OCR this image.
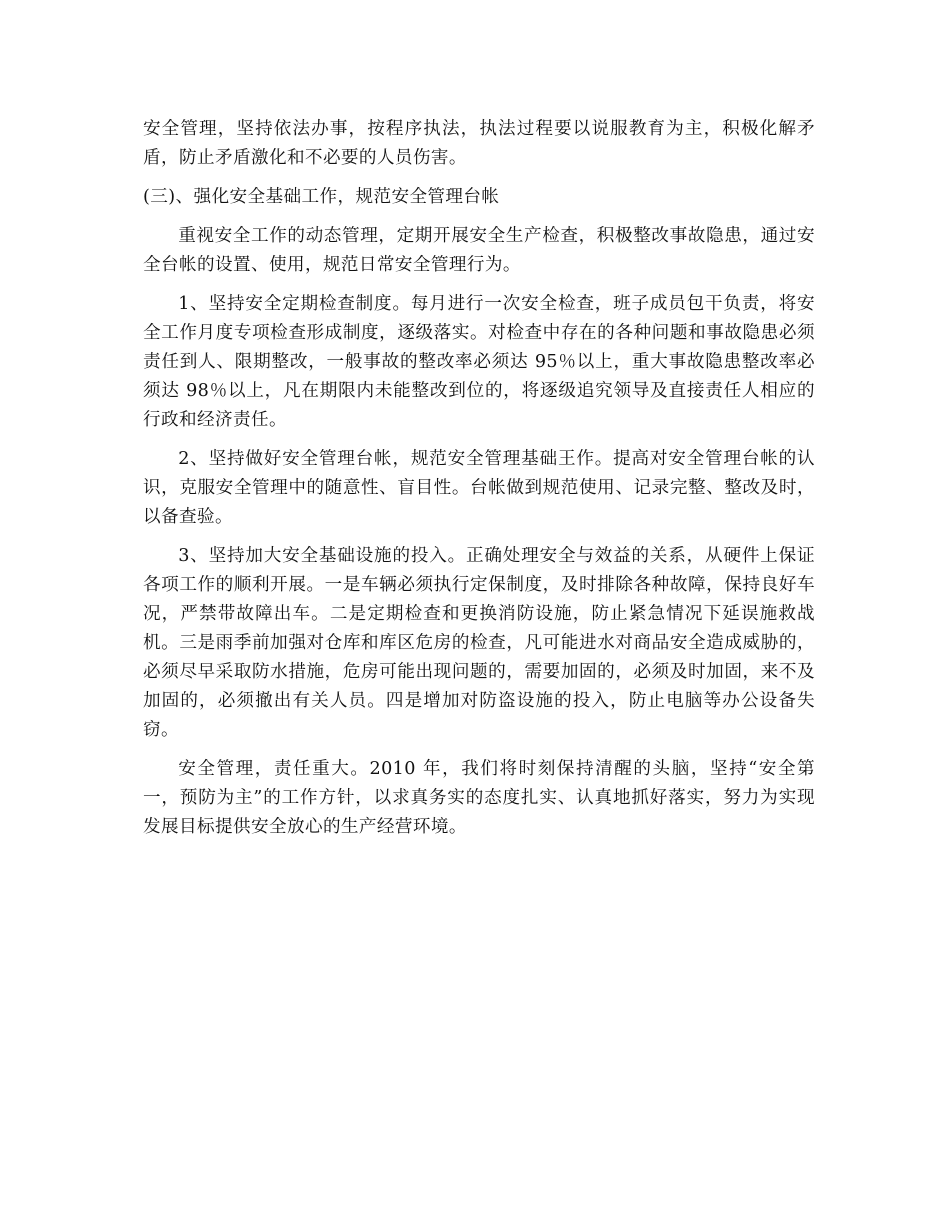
安全管理，坚持依法办事，按程序执法，执法过程要以说服教育为主，积极化解矛盾，防止矛盾激化和不必要的人员伤害。

(三)、强化安全基础工作，规范安全管理台帐

重视安全工作的动态管理，定期开展安全生产检查，积极整改事故隐患，通过安全台帐的设置、使用，规范日常安全管理行为。

1、坚持安全定期检查制度。每月进行一次安全检查，班子成员包干负责，将安全工作月度专项检查形成制度，逐级落实。对检查中存在的各种问题和事故隐患必须责任到人、限期整改，一般事故的整改率必须达 95％以上，重大事故隐患整改率必须达 98％以上，凡在期限内未能整改到位的，将逐级追究领导及直接责任人相应的行政和经济责任。

2、坚持做好安全管理台帐，规范安全管理基础王作。提高对安全管理台帐的认识，克服安全管理中的随意性、盲目性。台帐做到规范使用、记录完整、整改及时，以备查验。

3、坚持加大安全基础设施的投入。正确处理安全与效益的关系，从硬件上保证各项工作的顺利开展。一是车辆必须执行定保制度，及时排除各种故障，保持良好车况，严禁带故障出车。二是定期检查和更换消防设施，防止紧急情况下延误施救战机。三是雨季前加强对仓库和库区危房的检查，凡可能进水对商品安全造成威胁的，必须尽早采取防水措施，危房可能出现问题的，需要加固的，必须及时加固，来不及加固的，必须撤出有关人员。四是增加对防盗设施的投入，防止电脑等办公设备失窃。

安全管理，责任重大。2010 年，我们将时刻保持清醒的头脑，坚持“安全第一，预防为主”的工作方针，以求真务实的态度扎实、认真地抓好落实，努力为实现发展目标提供安全放心的生产经营环境。
